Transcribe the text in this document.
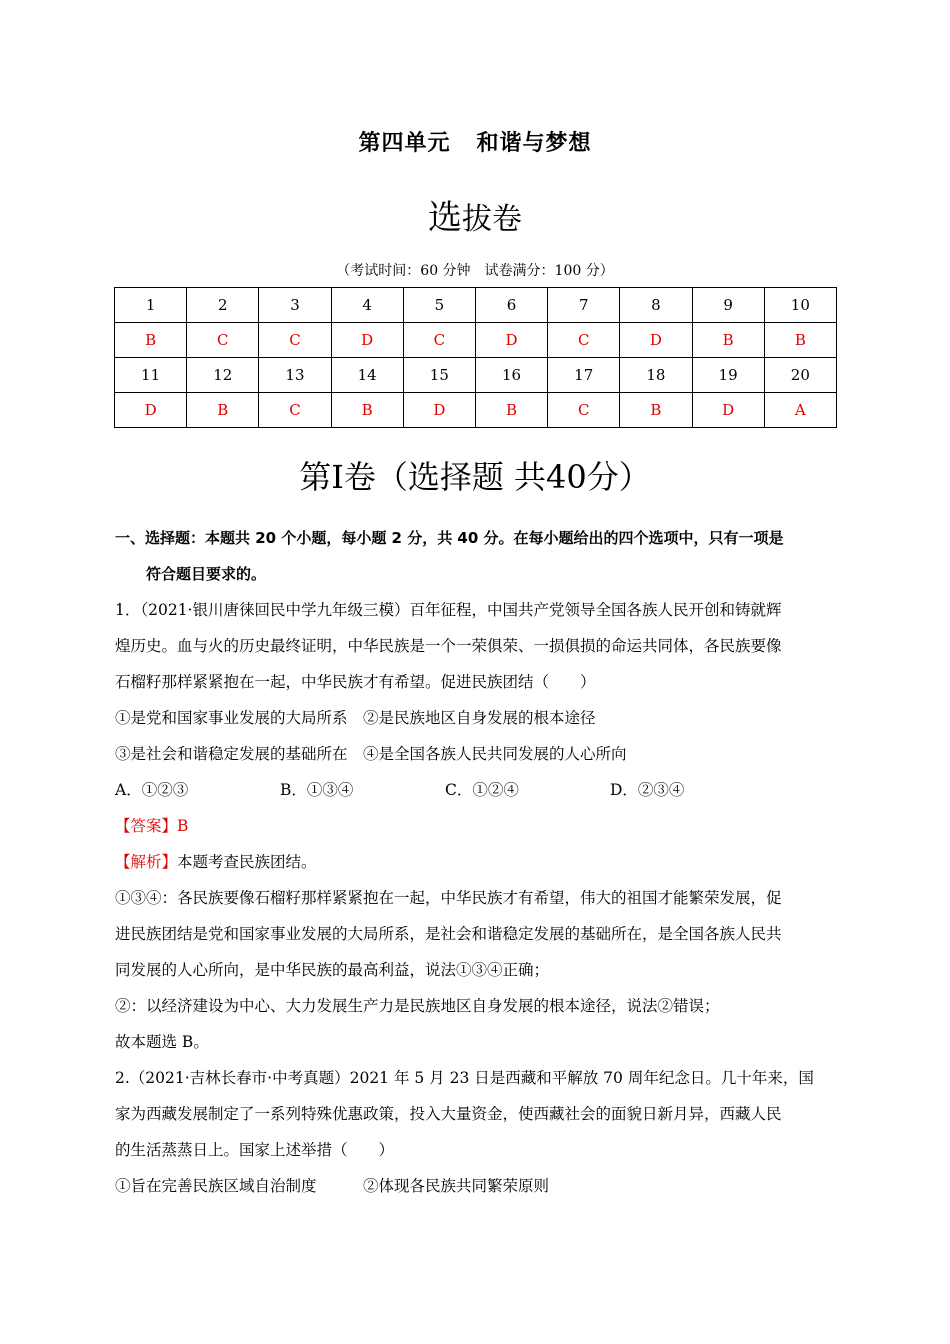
第四单元 和谐与梦想
选拔卷
（考试时间：60 分钟　试卷满分：100 分）
1	2	3	4	5	6	7	8	9	10
B	C	C	D	C	D	C	D	B	B
11	12	13	14	15	16	17	18	19	20
D	B	C	B	D	B	C	B	D	A
第Ⅰ卷（选择题 共40分）

一、选择题：本题共 20 个小题，每小题 2 分，共 40 分。在每小题给出的四个选项中，只有一项是

符合题目要求的。

1．（2021·银川唐徕回民中学九年级三模）百年征程，中国共产党领导全国各族人民开创和铸就辉

煌历史。血与火的历史最终证明，中华民族是一个一荣俱荣、一损俱损的命运共同体，各民族要像

石榴籽那样紧紧抱在一起，中华民族才有希望。促进民族团结（　　）

①是党和国家事业发展的大局所系　②是民族地区自身发展的根本途径

③是社会和谐稳定发展的基础所在　④是全国各族人民共同发展的人心所向

A．①②③	B．①③④	C．①②④	D．②③④

【答案】B

【解析】本题考查民族团结。

①③④：各民族要像石榴籽那样紧紧抱在一起，中华民族才有希望，伟大的祖国才能繁荣发展，促

进民族团结是党和国家事业发展的大局所系，是社会和谐稳定发展的基础所在，是全国各族人民共

同发展的人心所向，是中华民族的最高利益，说法①③④正确；

②：以经济建设为中心、大力发展生产力是民族地区自身发展的根本途径，说法②错误；

故本题选 B。

2.（2021·吉林长春市·中考真题）2021 年 5 月 23 日是西藏和平解放 70 周年纪念日。几十年来，国

家为西藏发展制定了一系列特殊优惠政策，投入大量资金，使西藏社会的面貌日新月异，西藏人民

的生活蒸蒸日上。国家上述举措（　　）

①旨在完善民族区域自治制度　　　②体现各民族共同繁荣原则
